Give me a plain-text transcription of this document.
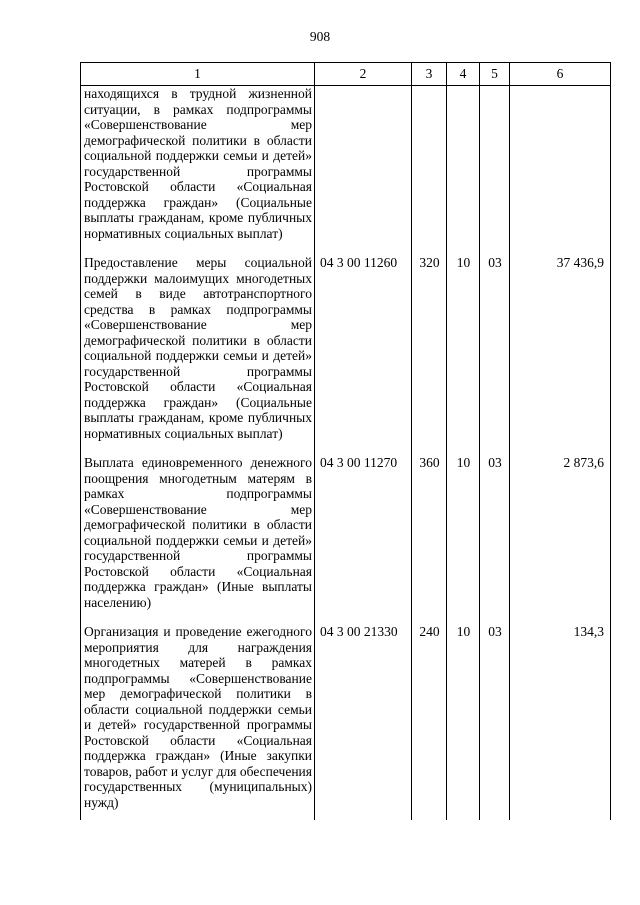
908
1	2	3	4	5	6
находящихся в трудной жизненной ситуации, в рамках подпрограммы «Совершенствование мер демографической политики в области социальной поддержки семьи и детей» государственной программы Ростовской области «Социальная поддержка граждан» (Социальные выплаты гражданам, кроме публичных нормативных социальных выплат)					
Предоставление меры социальной поддержки малоимущих многодетных семей в виде автотранспортного средства в рамках подпрограммы «Совершенствование мер демографической политики в области социальной поддержки семьи и детей» государственной программы Ростовской области «Социальная поддержка граждан» (Социальные выплаты гражданам, кроме публичных нормативных социальных выплат)	04 3 00 11260	320	10	03	37 436,9
Выплата единовременного денежного поощрения многодетным матерям в рамках подпрограммы «Совершенствование мер демографической политики в области социальной поддержки семьи и детей» государственной программы Ростовской области «Социальная поддержка граждан» (Иные выплаты населению)	04 3 00 11270	360	10	03	2 873,6
Организация и проведение ежегодного мероприятия для награждения многодетных матерей в рамках подпрограммы «Совершенствование мер демографической политики в области социальной поддержки семьи и детей» государственной программы Ростовской области «Социальная поддержка граждан» (Иные закупки товаров, работ и услуг для обеспечения государственных (муниципальных) нужд)	04 3 00 21330	240	10	03	134,3
